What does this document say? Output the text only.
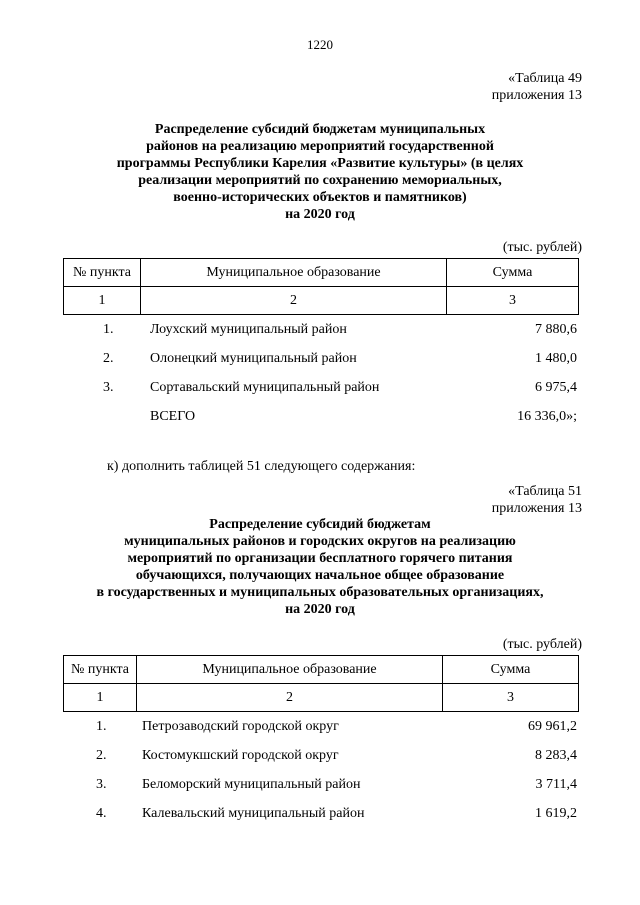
1220
«Таблица 49
приложения 13
Распределение субсидий бюджетам муниципальных
районов на реализацию мероприятий государственной
программы Республики Карелия «Развитие культуры» (в целях
реализации мероприятий по сохранению мемориальных,
военно-исторических объектов и памятников)
на 2020 год
(тыс. рублей)
№ пункта	Муниципальное образование	Сумма
1	2	3
1.	Лоухский муниципальный район	7 880,6
2.	Олонецкий муниципальный район	1 480,0
3.	Сортавальский муниципальный район	6 975,4
ВСЕГО	16 336,0»;
к) дополнить таблицей 51 следующего содержания:
«Таблица 51
приложения 13
Распределение субсидий бюджетам
муниципальных районов и городских округов на реализацию
мероприятий по организации бесплатного горячего питания
обучающихся, получающих начальное общее образование
в государственных и муниципальных образовательных организациях,
на 2020 год
(тыс. рублей)
№ пункта	Муниципальное образование	Сумма
1	2	3
1.	Петрозаводский городской округ	69 961,2
2.	Костомукшский городской округ	8 283,4
3.	Беломорский муниципальный район	3 711,4
4.	Калевальский муниципальный район	1 619,2
